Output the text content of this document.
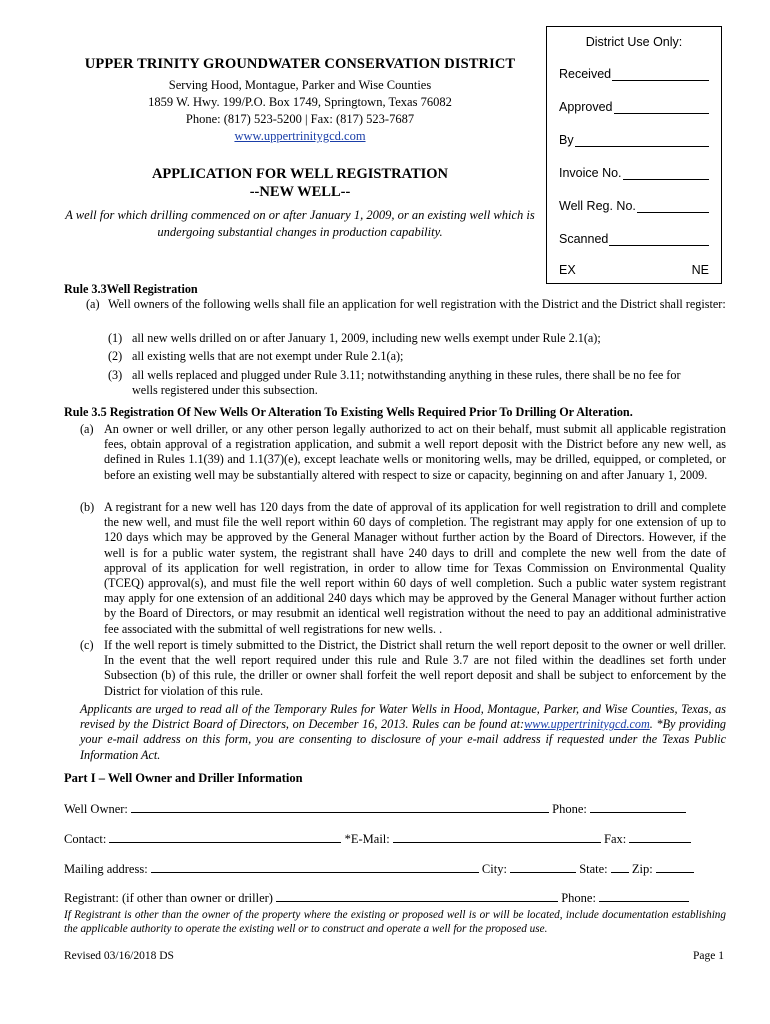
District Use Only:
Received
Approved
By
Invoice No.
Well Reg. No.
Scanned
EX	NE
UPPER TRINITY GROUNDWATER CONSERVATION DISTRICT
Serving Hood, Montague, Parker and Wise Counties
1859 W. Hwy. 199/P.O. Box 1749, Springtown, Texas 76082
Phone: (817) 523-5200 | Fax: (817) 523-7687
www.uppertrinitygcd.com
APPLICATION FOR WELL REGISTRATION
--NEW WELL--
A well for which drilling commenced on or after January 1, 2009, or an existing well which is undergoing substantial changes in production capability.
Rule 3.3Well Registration
(a) Well owners of the following wells shall file an application for well registration with the District and the District shall register:
(1) all new wells drilled on or after January 1, 2009, including new wells exempt under Rule 2.1(a);
(2) all existing wells that are not exempt under Rule 2.1(a);
(3) all wells replaced and plugged under Rule 3.11; notwithstanding anything in these rules, there shall be no fee for wells registered under this subsection.
Rule 3.5 Registration Of New Wells Or Alteration To Existing Wells Required Prior To Drilling Or Alteration.
(a) An owner or well driller, or any other person legally authorized to act on their behalf, must submit all applicable registration fees, obtain approval of a registration application, and submit a well report deposit with the District before any new well, as defined in Rules 1.1(39) and 1.1(37)(e), except leachate wells or monitoring wells, may be drilled, equipped, or completed, or before an existing well may be substantially altered with respect to size or capacity, beginning on and after January 1, 2009.
(b) A registrant for a new well has 120 days from the date of approval of its application for well registration to drill and complete the new well, and must file the well report within 60 days of completion. The registrant may apply for one extension of up to 120 days which may be approved by the General Manager without further action by the Board of Directors. However, if the well is for a public water system, the registrant shall have 240 days to drill and complete the new well from the date of approval of its application for well registration, in order to allow time for Texas Commission on Environmental Quality (TCEQ) approval(s), and must file the well report within 60 days of well completion. Such a public water system registrant may apply for one extension of an additional 240 days which may be approved by the General Manager without further action by the Board of Directors, or may resubmit an identical well registration without the need to pay an additional administrative fee associated with the submittal of well registrations for new wells. .
(c) If the well report is timely submitted to the District, the District shall return the well report deposit to the owner or well driller. In the event that the well report required under this rule and Rule 3.7 are not filed within the deadlines set forth under Subsection (b) of this rule, the driller or owner shall forfeit the well report deposit and shall be subject to enforcement by the District for violation of this rule.
Applicants are urged to read all of the Temporary Rules for Water Wells in Hood, Montague, Parker, and Wise Counties, Texas, as revised by the District Board of Directors, on December 16, 2013. Rules can be found at:www.uppertrinitygcd.com. *By providing your e-mail address on this form, you are consenting to disclosure of your e-mail address if requested under the Texas Public Information Act.
Part I – Well Owner and Driller Information
Well Owner:	Phone:
Contact:	*E-Mail:	Fax:
Mailing address:	City:	State: Zip:
Registrant: (if other than owner or driller)	Phone:
If Registrant is other than the owner of the property where the existing or proposed well is or will be located, include documentation establishing the applicable authority to operate the existing well or to construct and operate a well for the proposed use.
Revised 03/16/2018 DS	Page 1
